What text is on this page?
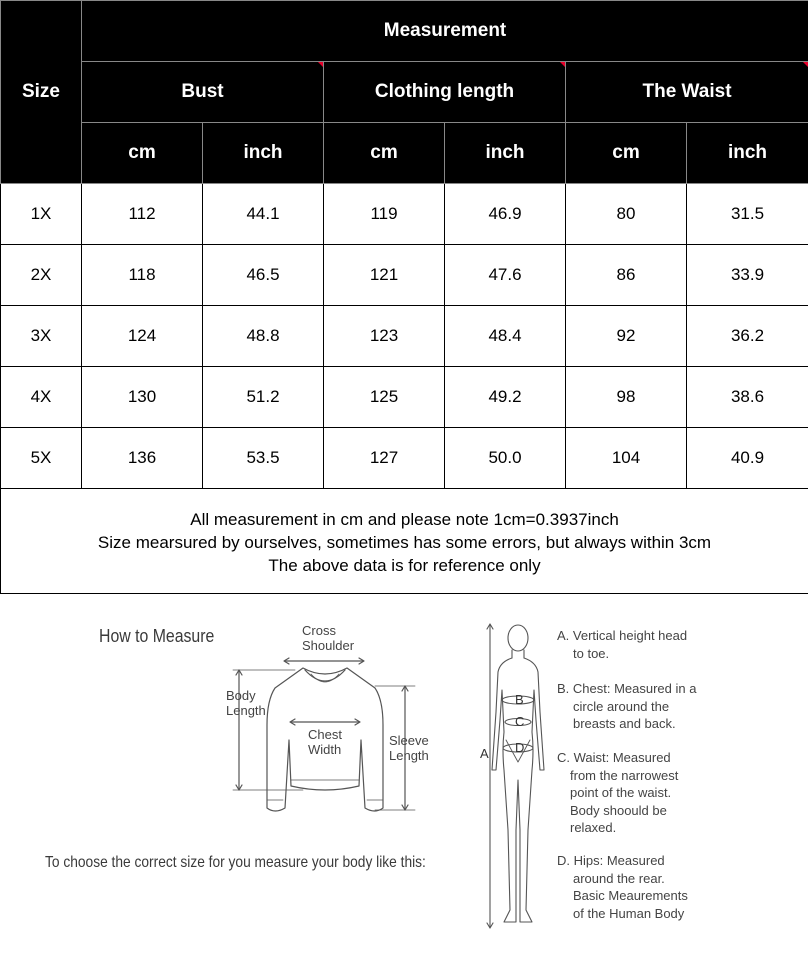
Size	Measurement					
	Bust		Clothing length		The Waist	
	cm	inch	cm	inch	cm	inch
1X	112	44.1	119	46.9	80	31.5
2X	118	46.5	121	47.6	86	33.9
3X	124	48.8	123	48.4	92	36.2
4X	130	51.2	125	49.2	98	38.6
5X	136	53.5	127	50.0	104	40.9

All measurement in cm and please note 1cm=0.3937inch
Size mearsured by ourselves, sometimes has some errors, but always within 3cm
The above data is for reference only						
How to Measure
To choose the correct size for you measure your body like this:
Cross
Shoulder
Body
Length
Chest
Width
Sleeve
Length	A
B
C
D
A. Vertical height head
to toe.
B. Chest: Measured in a
circle around the
breasts and back.
C. Waist: Measured
from the narrowest
point of the waist.
Body shoould be
relaxed.
D. Hips: Measured
around the rear.
Basic Meaurements
of the Human Body
